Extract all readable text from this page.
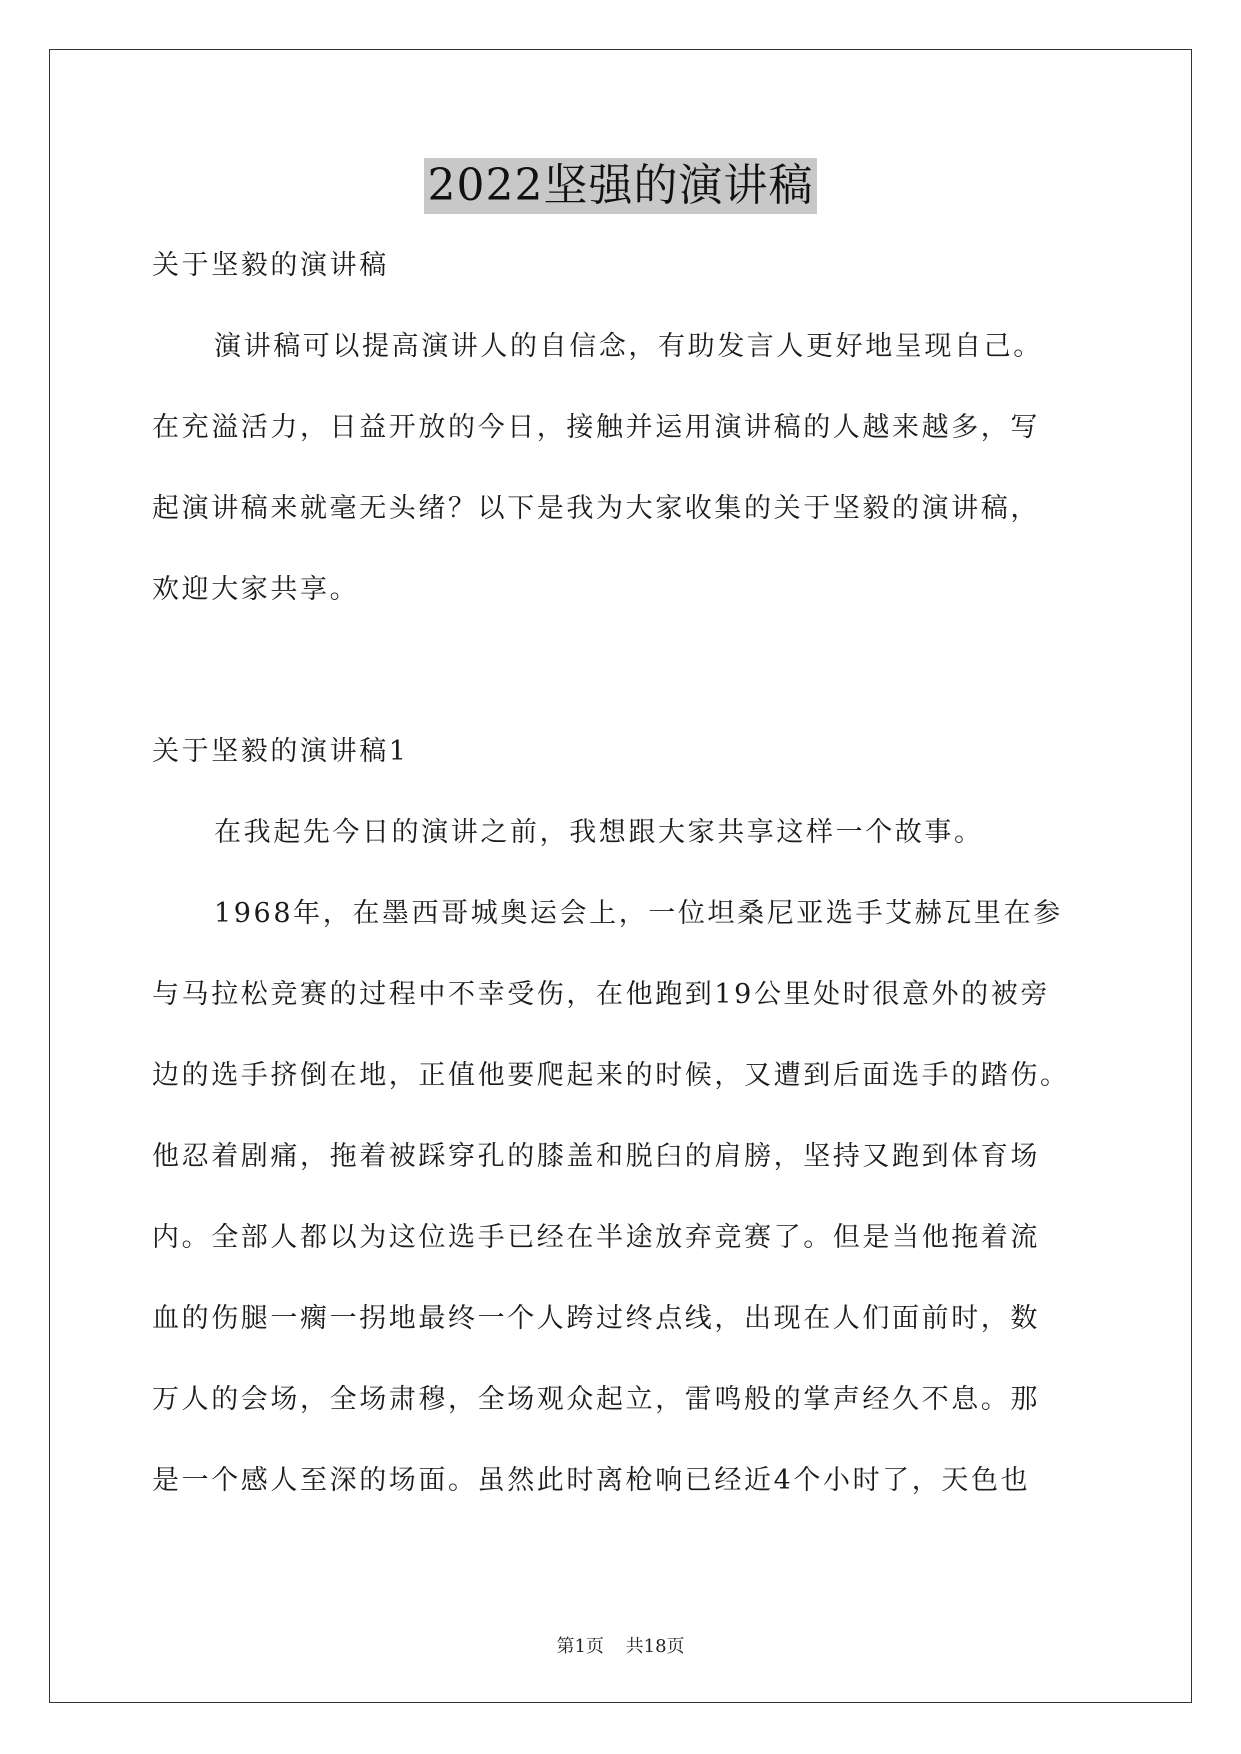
2022坚强的演讲稿
关于坚毅的演讲稿
演讲稿可以提高演讲人的自信念，有助发言人更好地呈现自己。
在充溢活力，日益开放的今日，接触并运用演讲稿的人越来越多，写
起演讲稿来就毫无头绪？以下是我为大家收集的关于坚毅的演讲稿，
欢迎大家共享。
关于坚毅的演讲稿1
在我起先今日的演讲之前，我想跟大家共享这样一个故事。
1968年，在墨西哥城奥运会上，一位坦桑尼亚选手艾赫瓦里在参
与马拉松竞赛的过程中不幸受伤，在他跑到19公里处时很意外的被旁
边的选手挤倒在地，正值他要爬起来的时候，又遭到后面选手的踏伤。
他忍着剧痛，拖着被踩穿孔的膝盖和脱臼的肩膀，坚持又跑到体育场
内。全部人都以为这位选手已经在半途放弃竞赛了。但是当他拖着流
血的伤腿一瘸一拐地最终一个人跨过终点线，出现在人们面前时，数
万人的会场，全场肃穆，全场观众起立，雷鸣般的掌声经久不息。那
是一个感人至深的场面。虽然此时离枪响已经近4个小时了，天色也
第1页 共18页
